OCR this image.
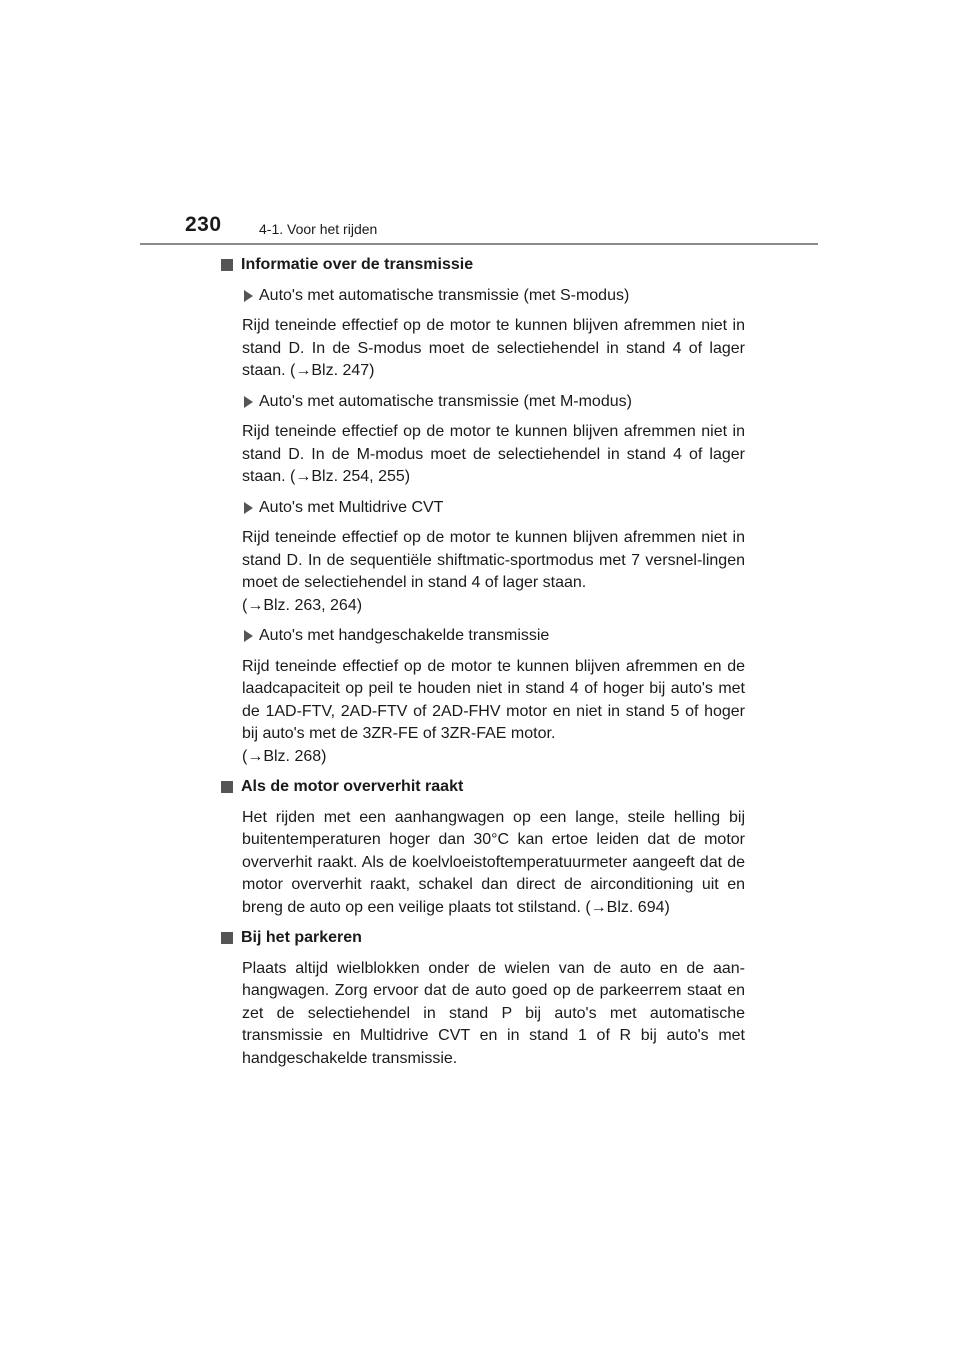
230	4-1. Voor het rijden
Informatie over de transmissie
Auto's met automatische transmissie (met S-modus)
Rijd teneinde effectief op de motor te kunnen blijven afremmen niet in stand D. In de S-modus moet de selectiehendel in stand 4 of lager staan. (→Blz. 247)
Auto's met automatische transmissie (met M-modus)
Rijd teneinde effectief op de motor te kunnen blijven afremmen niet in stand D. In de M-modus moet de selectiehendel in stand 4 of lager staan. (→Blz. 254, 255)
Auto's met Multidrive CVT
Rijd teneinde effectief op de motor te kunnen blijven afremmen niet in stand D. In de sequentiële shiftmatic-sportmodus met 7 versnel-lingen moet de selectiehendel in stand 4 of lager staan.
(→Blz. 263, 264)
Auto's met handgeschakelde transmissie
Rijd teneinde effectief op de motor te kunnen blijven afremmen en de laadcapaciteit op peil te houden niet in stand 4 of hoger bij auto's met de 1AD-FTV, 2AD-FTV of 2AD-FHV motor en niet in stand 5 of hoger bij auto's met de 3ZR-FE of 3ZR-FAE motor.
(→Blz. 268)
Als de motor oververhit raakt
Het rijden met een aanhangwagen op een lange, steile helling bij buitentemperaturen hoger dan 30°C kan ertoe leiden dat de motor oververhit raakt. Als de koelvloeistoftemperatuurmeter aangeeft dat de motor oververhit raakt, schakel dan direct de airconditioning uit en breng de auto op een veilige plaats tot stilstand. (→Blz. 694)
Bij het parkeren
Plaats altijd wielblokken onder de wielen van de auto en de aan-hangwagen. Zorg ervoor dat de auto goed op de parkeerrem staat en zet de selectiehendel in stand P bij auto's met automatische transmissie en Multidrive CVT en in stand 1 of R bij auto's met handgeschakelde transmissie.
